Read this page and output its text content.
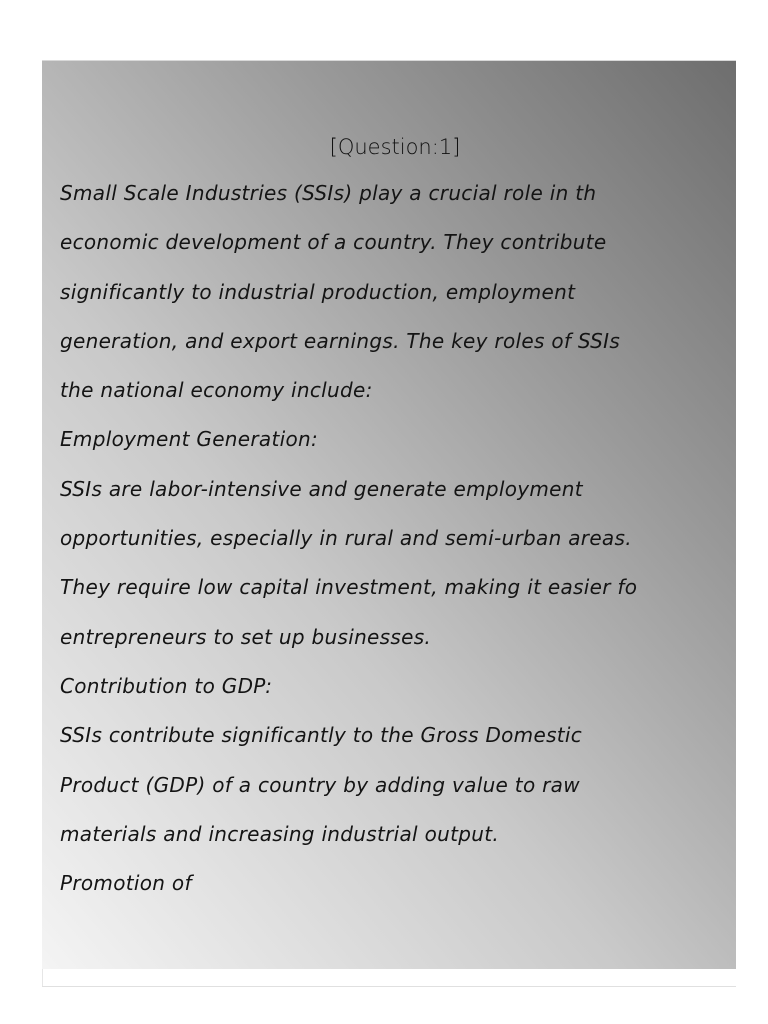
[Question:1]
Small Scale Industries (SSIs) play a crucial role in th
economic development of a country. They contribute
significantly to industrial production, employment
generation, and export earnings. The key roles of SSIs
the national economy include:
Employment Generation:
SSIs are labor-intensive and generate employment
opportunities, especially in rural and semi-urban areas.
They require low capital investment, making it easier fo
entrepreneurs to set up businesses.
Contribution to GDP:
SSIs contribute significantly to the Gross Domestic
Product (GDP) of a country by adding value to raw
materials and increasing industrial output.
Promotion of
